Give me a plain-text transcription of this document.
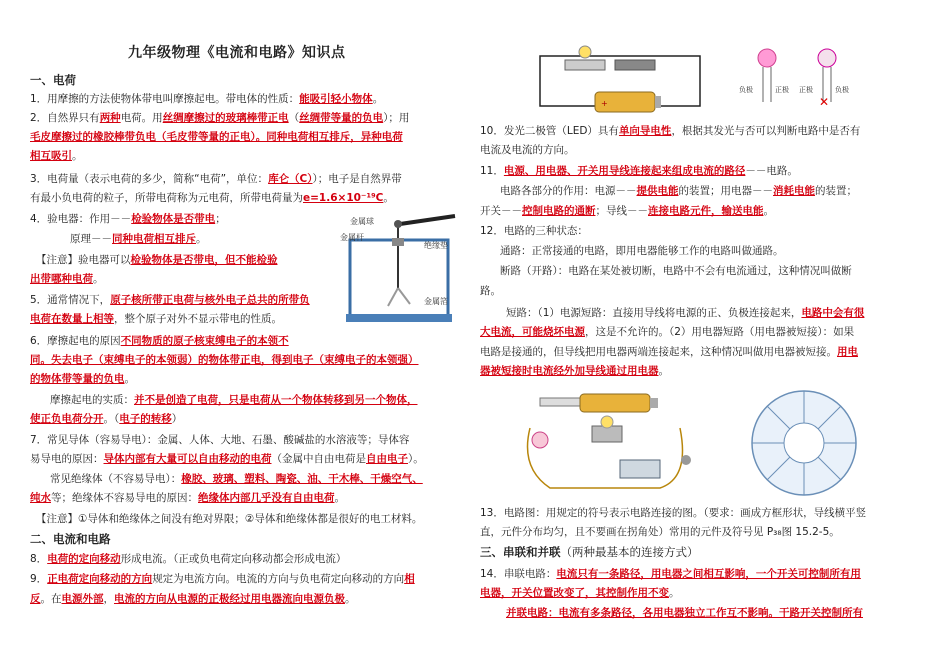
九年级物理《电流和电路》知识点
一、电荷
1．用摩擦的方法使物体带电叫摩擦起电。带电体的性质：能吸引轻小物体。
2．自然界只有两种电荷。用丝绸摩擦过的玻璃棒带正电（丝绸带等量的负电）；用
毛皮摩擦过的橡胶棒带负电（毛皮带等量的正电）。同种电荷相互排斥，异种电荷
相互吸引。
3．电荷量（表示电荷的多少，简称“电荷”，单位：库仑（C））；电子是自然界带
有最小负电荷的粒子，所带电荷称为元电荷，所带电荷量为e=1.6×10⁻¹⁹C。
4．验电器：作用－－检验物体是否带电；
原理－－同种电荷相互排斥。
【注意】验电器可以检验物体是否带电，但不能检验
出带哪种电荷。
金属球
金属杆
绝缘垫
金属箔
5．通常情况下，原子核所带正电荷与核外电子总共的所带负
电荷在数量上相等，整个原子对外不显示带电的性质。
6．摩擦起电的原因不同物质的原子核束缚电子的本领不
同。失去电子（束缚电子的本领弱）的物体带正电，得到电子（束缚电子的本领强）
的物体带等量的负电。
摩擦起电的实质：并不是创造了电荷，只是电荷从一个物体转移到另一个物体，
使正负电荷分开。（电子的转移）
7．常见导体（容易导电）：金属、人体、大地、石墨、酸碱盐的水溶液等；导体容
易导电的原因：导体内部有大量可以自由移动的电荷（金属中自由电荷是自由电子）。
常见绝缘体（不容易导电）：橡胶、玻璃、塑料、陶瓷、油、干木棒、干燥空气、
纯水等；绝缘体不容易导电的原因：绝缘体内部几乎没有自由电荷。
【注意】①导体和绝缘体之间没有绝对界限；②导体和绝缘体都是很好的电工材料。
二、电流和电路
8．电荷的定向移动形成电流。（正或负电荷定向移动都会形成电流）
9．正电荷定向移动的方向规定为电流方向。电流的方向与负电荷定向移动的方向相
反。在电源外部，电流的方向从电源的正极经过用电器流向电源负极。
+
负极	正极 正极	负极
✕
10．发光二极管（LED）具有单向导电性，根据其发光与否可以判断电路中是否有
电流及电流的方向。
11．电源、用电器、开关用导线连接起来组成电流的路径－－电路。
电路各部分的作用：电源－－提供电能的装置；用电器－－消耗电能的装置；
开关－－控制电路的通断；导线－－连接电路元件，输送电能。
12．电路的三种状态：
通路：正常接通的电路，即用电器能够工作的电路叫做通路。
断路（开路）：电路在某处被切断，电路中不会有电流通过，这种情况叫做断
路。
短路：（1）电源短路：直接用导线将电源的正、负极连接起来，电路中会有很
大电流，可能烧坏电源，这是不允许的。（2）用电器短路（用电器被短接）：如果
电路是接通的，但导线把用电器两端连接起来，这种情况叫做用电器被短接。用电
器被短接时电流经外加导线通过用电器。
13．电路图：用规定的符号表示电路连接的图。（要求：画成方框形状，导线横平竖
直，元件分布均匀，且不要画在拐角处）常用的元件及符号见 P₃₈图 15.2-5。
三、串联和并联（两种最基本的连接方式）
14．串联电路：电流只有一条路径，用电器之间相互影响，一个开关可控制所有用
电器，开关位置改变了，其控制作用不变。
并联电路：电流有多条路径，各用电器独立工作互不影响。干路开关控制所有
